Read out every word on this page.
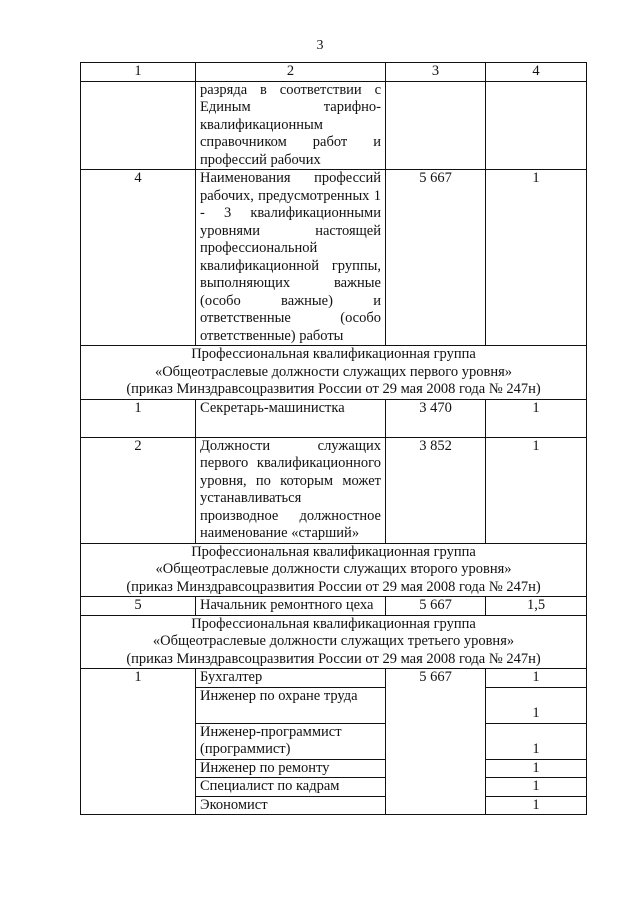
3
1	2	3	4
	разряда в соответствии с Единым тарифно-квалификационным справочником работ и профессий рабочих		
4	Наименования профессий рабочих, предусмотренных 1 - 3 квалификационными уровнями настоящей профессиональной квалификационной группы, выполняющих важные (особо важные) и ответственные (особо ответственные) работы	5 667	1

Профессиональная квалификационная группа
«Общеотраслевые должности служащих первого уровня»
(приказ Минздравсоцразвития России от 29 мая 2008 года № 247н)			

1	Секретарь-машинистка	3 470	1
2	Должности служащих первого квалификационного уровня, по которым может устанавливаться производное должностное наименование «старший»	3 852	1

Профессиональная квалификационная группа
«Общеотраслевые должности служащих второго уровня»
(приказ Минздравсоцразвития России от 29 мая 2008 года № 247н)			

5	Начальник ремонтного цеха	5 667	1,5

Профессиональная квалификационная группа
«Общеотраслевые должности служащих третьего уровня»
(приказ Минздравсоцразвития России от 29 мая 2008 года № 247н)			

1	Бухгалтер	5 667	1
	Инженер по охране труда		1
	Инженер-программист (программист)		1
	Инженер по ремонту		1
	Специалист по кадрам		1
	Экономист		1
